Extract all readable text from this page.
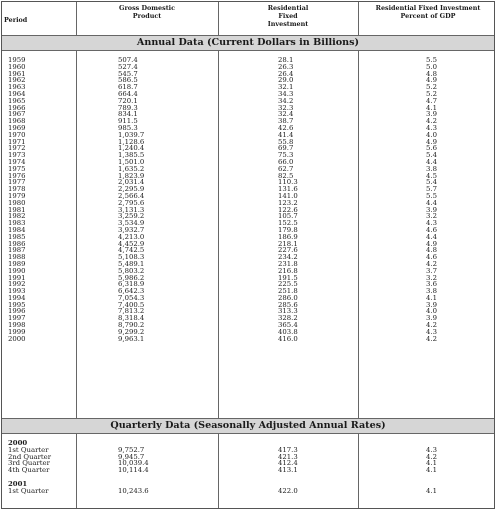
Period
Gross Domestic Product
Residential Fixed Investment
Residential Fixed Investment Percent of GDP
Annual Data (Current Dollars in Billions)
Quarterly Data (Seasonally Adjusted Annual Rates)
1959
1960
1961
1962
1963
1964
1965
1966
1967
1968
1969
1970
1971
1972
1973
1974
1975
1976
1977
1978
1979
1980
1981
1982
1983
1984
1985
1986
1987
1988
1989
1990
1991
1992
1993
1994
1995
1996
1997
1998
1999
2000
507.4
527.4
545.7
586.5
618.7
664.4
720.1
789.3
834.1
911.5
985.3
1,039.7
1,128.6
1,240.4
1,385.5
1,501.0
1,635.2
1,823.9
2,031.4
2,295.9
2,566.4
2,795.6
3,131.3
3,259.2
3,534.9
3,932.7
4,213.0
4,452.9
4,742.5
5,108.3
5,489.1
5,803.2
5,986.2
6,318.9
6,642.3
7,054.3
7,400.5
7,813.2
8,318.4
8,790.2
9,299.2
9,963.1
28.1
26.3
26.4
29.0
32.1
34.3
34.2
32.3
32.4
38.7
42.6
41.4
55.8
69.7
75.3
66.0
62.7
82.5
110.3
131.6
141.0
123.2
122.6
105.7
152.5
179.8
186.9
218.1
227.6
234.2
231.8
216.8
191.5
225.5
251.8
286.0
285.6
313.3
328.2
365.4
403.8
416.0
5.5
5.0
4.8
4.9
5.2
5.2
4.7
4.1
3.9
4.2
4.3
4.0
4.9
5.6
5.4
4.4
3.8
4.5
5.4
5.7
5.5
4.4
3.9
3.2
4.3
4.6
4.4
4.9
4.8
4.6
4.2
3.7
3.2
3.6
3.8
4.1
3.9
4.0
3.9
4.2
4.3
4.2
2000
1st Quarter
2nd Quarter
3rd Quarter
4th Quarter
2001
1st Quarter
9,752.7
9,945.7
10,039.4
10,114.4
10,243.6
417.3
421.3
412.4
413.1
422.0
4.3
4.2
4.1
4.1
4.1
